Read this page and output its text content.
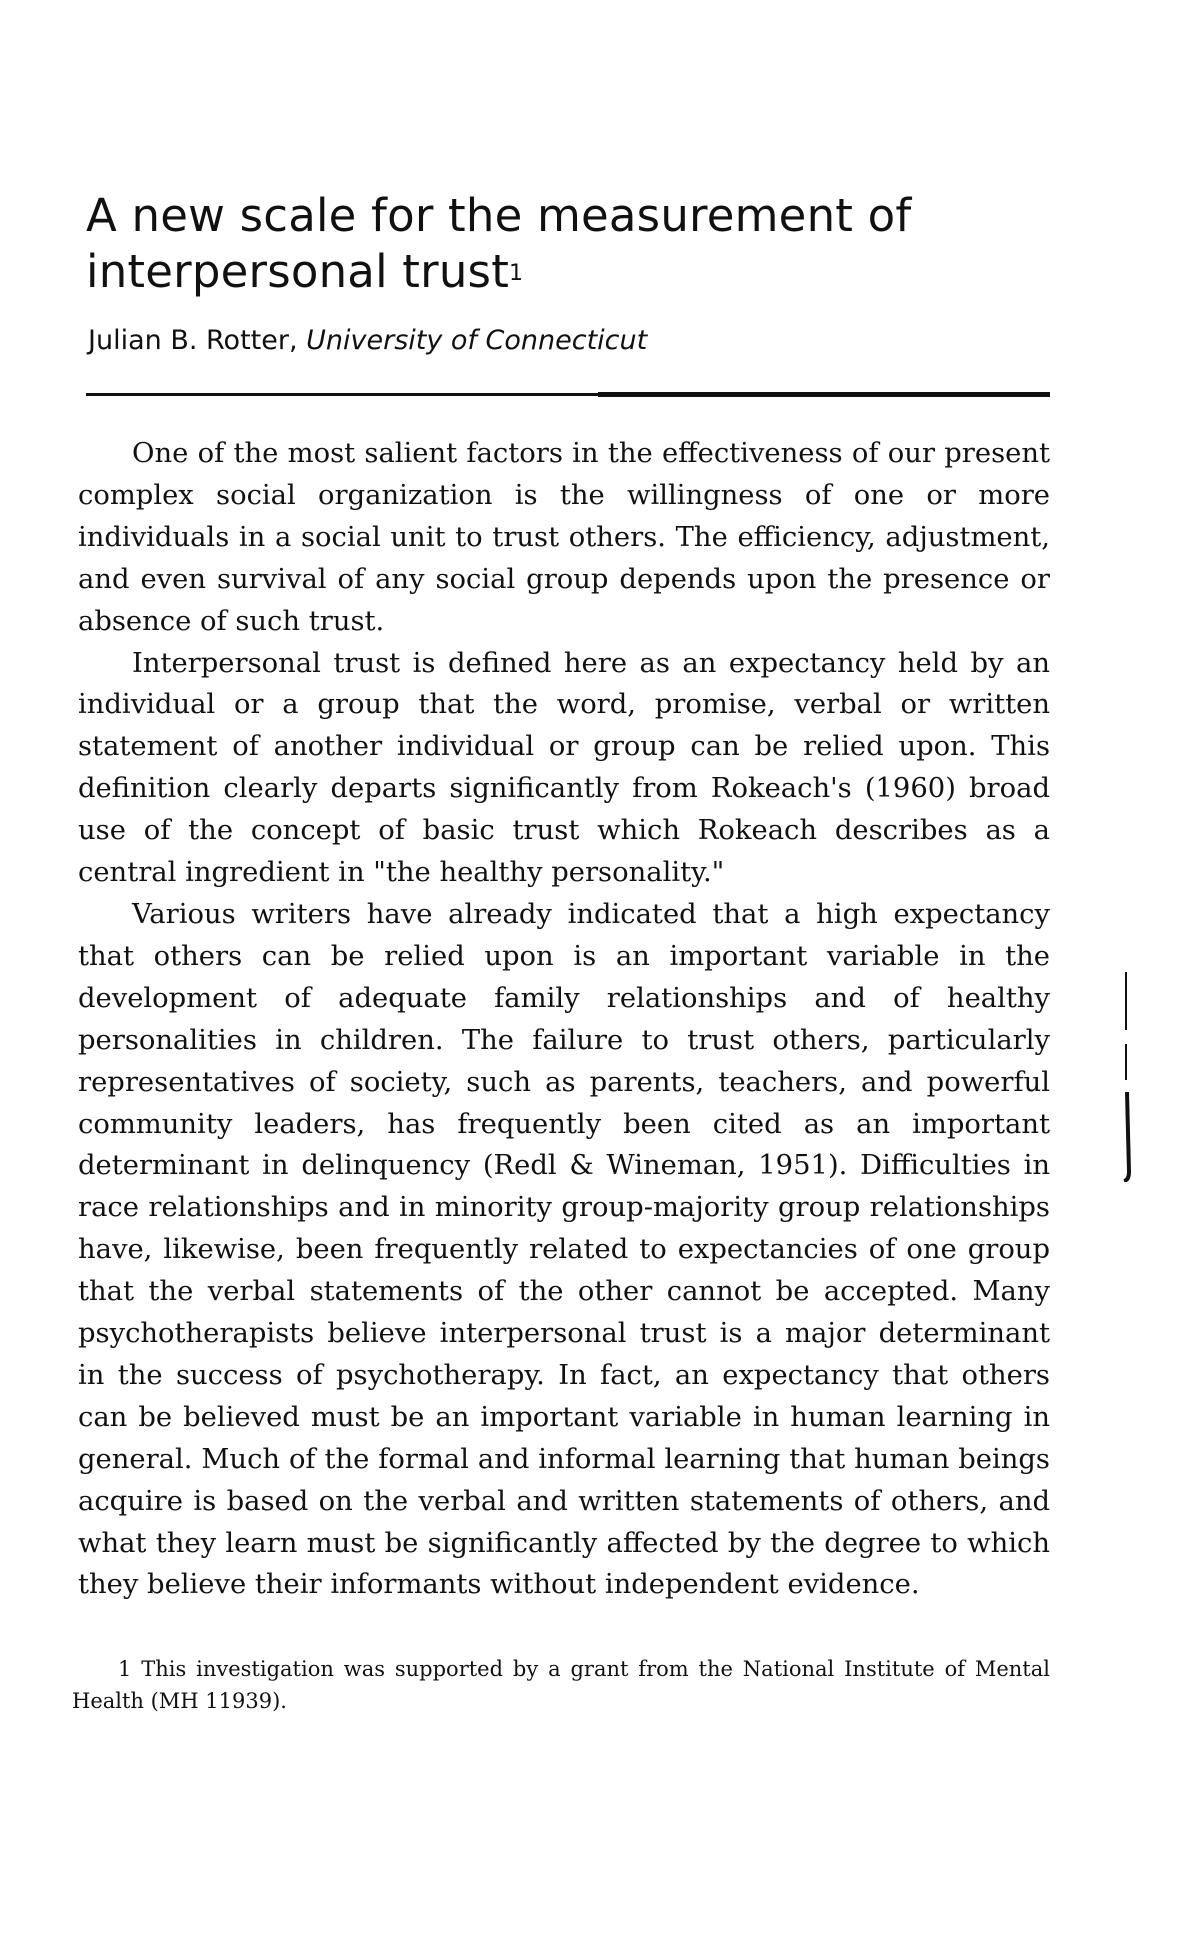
A new scale for the measurement of interpersonal trust$^1$
Julian B. Rotter, University of Connecticut

One of the most salient factors in the effectiveness of our present complex social organization is the willingness of one or more individuals in a social unit to trust others. The efficiency, adjustment, and even survival of any social group depends upon the presence or absence of such trust.

Interpersonal trust is defined here as an expectancy held by an individual or a group that the word, promise, verbal or written statement of another individual or group can be relied upon. This definition clearly departs significantly from Rokeach's (1960) broad use of the concept of basic trust which Rokeach describes as a central ingredient in "the healthy personality."

Various writers have already indicated that a high expectancy that others can be relied upon is an important variable in the development of adequate family relationships and of healthy personalities in children. The failure to trust others, particularly representatives of society, such as parents, teachers, and powerful community leaders, has frequently been cited as an important determinant in delinquency (Redl & Wineman, 1951). Difficulties in race relationships and in minority group-majority group relationships have, likewise, been frequently related to expectancies of one group that the verbal statements of the other cannot be accepted. Many psychotherapists believe interpersonal trust is a major determinant in the success of psychotherapy. In fact, an expectancy that others can be believed must be an important variable in human learning in general. Much of the formal and informal learning that human beings acquire is based on the verbal and written statements of others, and what they learn must be significantly affected by the degree to which they believe their informants without independent evidence.

1 This investigation was supported by a grant from the National Institute of Mental Health (MH 11939).
